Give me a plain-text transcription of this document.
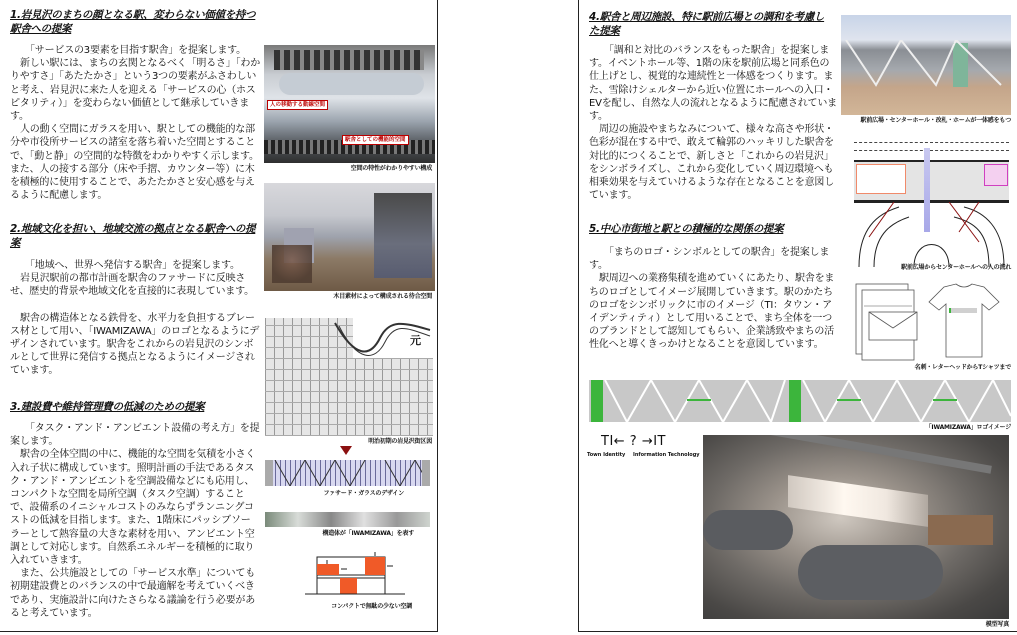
1.岩見沢のまちの顔となる駅、変わらない価値を持つ駅舎への提案

「サービスの3要素を目指す駅舎」を提案します。

新しい駅には、まちの玄関となるべく「明るさ」「わかりやすさ」「あたたかさ」という3つの要素がふさわしいと考え、岩見沢に来た人を迎える「サービスの心（ホスピタリティ）」を変わらない価値として継承していきます。

人の動く空間にガラスを用い、駅としての機能的な部分や市役所サービスの諸室を落ち着いた空間とすることで、「動と静」の空間的な特徴をわかりやすく示します。また、人の接する部分（床や手摺、カウンター等）に木を積極的に使用することで、あたたかさと安心感を与えるように配慮します。

人の移動する動線空間
駅舎としての機能的空間
空間の特性がわかりやすい構成
2.地域文化を担い、地域交流の拠点となる駅舎への提案

「地域へ、世界へ発信する駅舎」を提案します。

岩見沢駅前の都市計画を駅舎のファサードに反映させ、歴史的背景や地域文化を直接的に表現しています。

駅舎の構造体となる鉄骨を、水平力を負担するブレース材として用い、「IWAMIZAWA」のロゴとなるようにデザインされています。駅舎をこれからの岩見沢のシンボルとして世界に発信する拠点となるようにイメージされています。

木目素材によって構成される待合空間
元
明治初期の岩見沢街区図
3.建設費や維持管理費の低減のための提案

「タスク・アンド・アンビエント設備の考え方」を提案します。

駅舎の全体空間の中に、機能的な空間を気積を小さく入れ子状に構成しています。照明計画の手法であるタスク・アンド・アンビエントを空調設備などにも応用し、コンパクトな空間を局所空調（タスク空調）することで、設備系のイニシャルコストのみならずランニングコストの低減を目指します。また、1階床にパッシブソーラーとして熱容量の大きな素材を用い、アンビエント空調として対応します。自然系エネルギーを積極的に取り入れていきます。

また、公共施設としての「サービス水準」についても初期建設費とのバランスの中で最適解を考えていくべきであり、実施設計に向けたさらなる議論を行う必要があると考えています。

ファサード・ガラスのデザイン
構造体が「IWAMIZAWA」を表す
コンパクトで無駄の少ない空調
4.駅舎と周辺施設、特に駅前広場との調和を考慮した提案

「調和と対比のバランスをもった駅舎」を提案します。イベントホール等、1階の床を駅前広場と同系色の仕上げとし、視覚的な連続性と一体感をつくります。また、雪除けシェルターから近い位置にホールへの入口・EVを配し、自然な人の流れとなるように配慮されています。

周辺の施設やまちなみについて、様々な高さや形状・色彩が混在する中で、敢えて輪郭のハッキリした駅舎を対比的につくることで、新しさと「これからの岩見沢」をシンボライズし、これから変化していく周辺環境へも相乗効果を与えていけるような存在となることを意図しています。

駅前広場・センターホール・改札・ホームが一体感をもつ
駅前広場からセンターホールへの人の流れ
5.中心市街地と駅との積極的な関係の提案

「まちのロゴ・シンボルとしての駅舎」を提案します。

駅周辺への業務集積を進めていくにあたり、駅舎をまちのロゴとしてイメージ展開していきます。駅のかたちのロゴをシンボリックに市のイメージ（TI：タウン・アイデンティティ）として用いることで、まち全体を一つのブランドとして認知してもらい、企業誘致やまちの活性化へと導くきっかけとなることを意図しています。

名刺・レターヘッドからTシャツまで
「IWAMIZAWA」ロゴイメージ
TI← ? →IT
Town Identity Information Technology
模型写真
